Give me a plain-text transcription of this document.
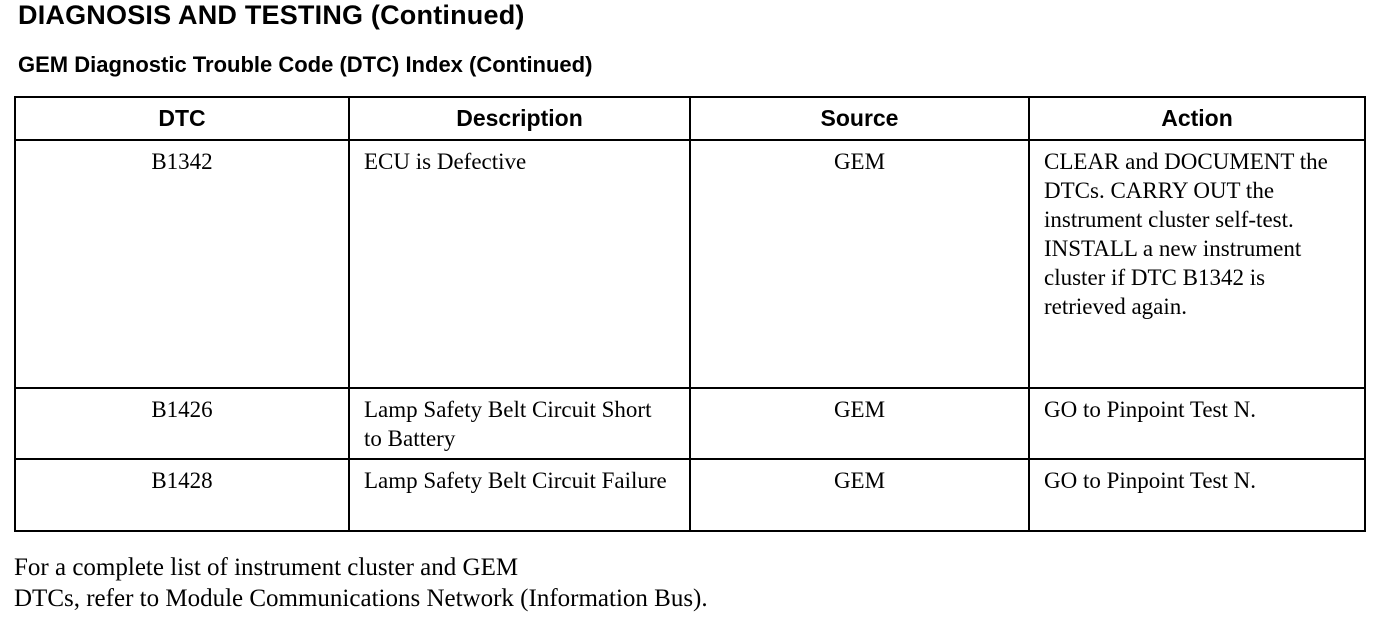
DIAGNOSIS AND TESTING (Continued)
GEM Diagnostic Trouble Code (DTC) Index (Continued)
DTC	Description	Source	Action
B1342	ECU is Defective	GEM	CLEAR and DOCUMENT the DTCs. CARRY OUT the instrument cluster self-test. INSTALL a new instrument cluster if DTC B1342 is retrieved again.
B1426	Lamp Safety Belt Circuit Short to Battery	GEM	GO to Pinpoint Test N.
B1428	Lamp Safety Belt Circuit Failure	GEM	GO to Pinpoint Test N.
For a complete list of instrument cluster and GEM
DTCs, refer to Module Communications Network (Information Bus).
